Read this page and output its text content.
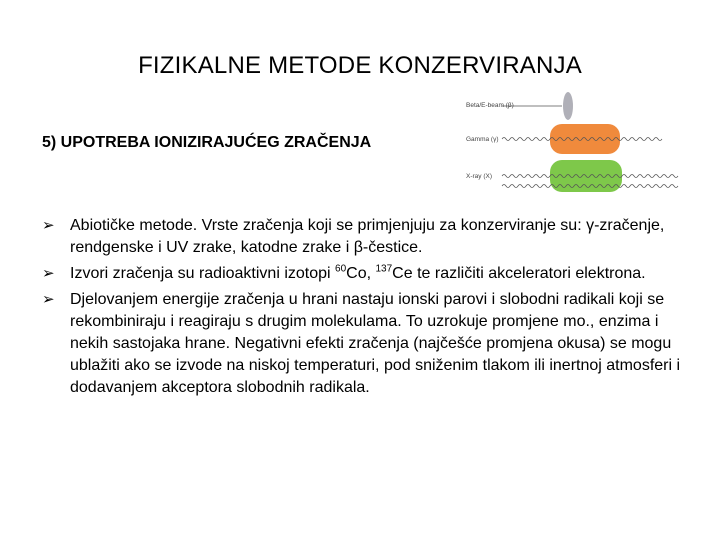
FIZIKALNE METODE KONZERVIRANJA
5) UPOTREBA IONIZIRAJUĆEG ZRAČENJA
Beta/E-beam (β)
Gamma (γ)
X-ray (X)
➢ Abiotičke metode. Vrste zračenja koji se primjenjuju za konzerviranje su: γ-zračenje, rendgenske i UV zrake, katodne zrake i β-čestice.
➢ Izvori zračenja su radioaktivni izotopi $^{60}$Co, $^{137}$Ce te različiti akceleratori elektrona.
➢ Djelovanjem energije zračenja u hrani nastaju ionski parovi i slobodni radikali koji se rekombiniraju i reagiraju s drugim molekulama. To uzrokuje promjene mo., enzima i nekih sastojaka hrane. Negativni efekti zračenja (najčešće promjena okusa) se mogu ublažiti ako se izvode na niskoj temperaturi, pod sniženim tlakom ili inertnoj atmosferi i dodavanjem akceptora slobodnih radikala.
